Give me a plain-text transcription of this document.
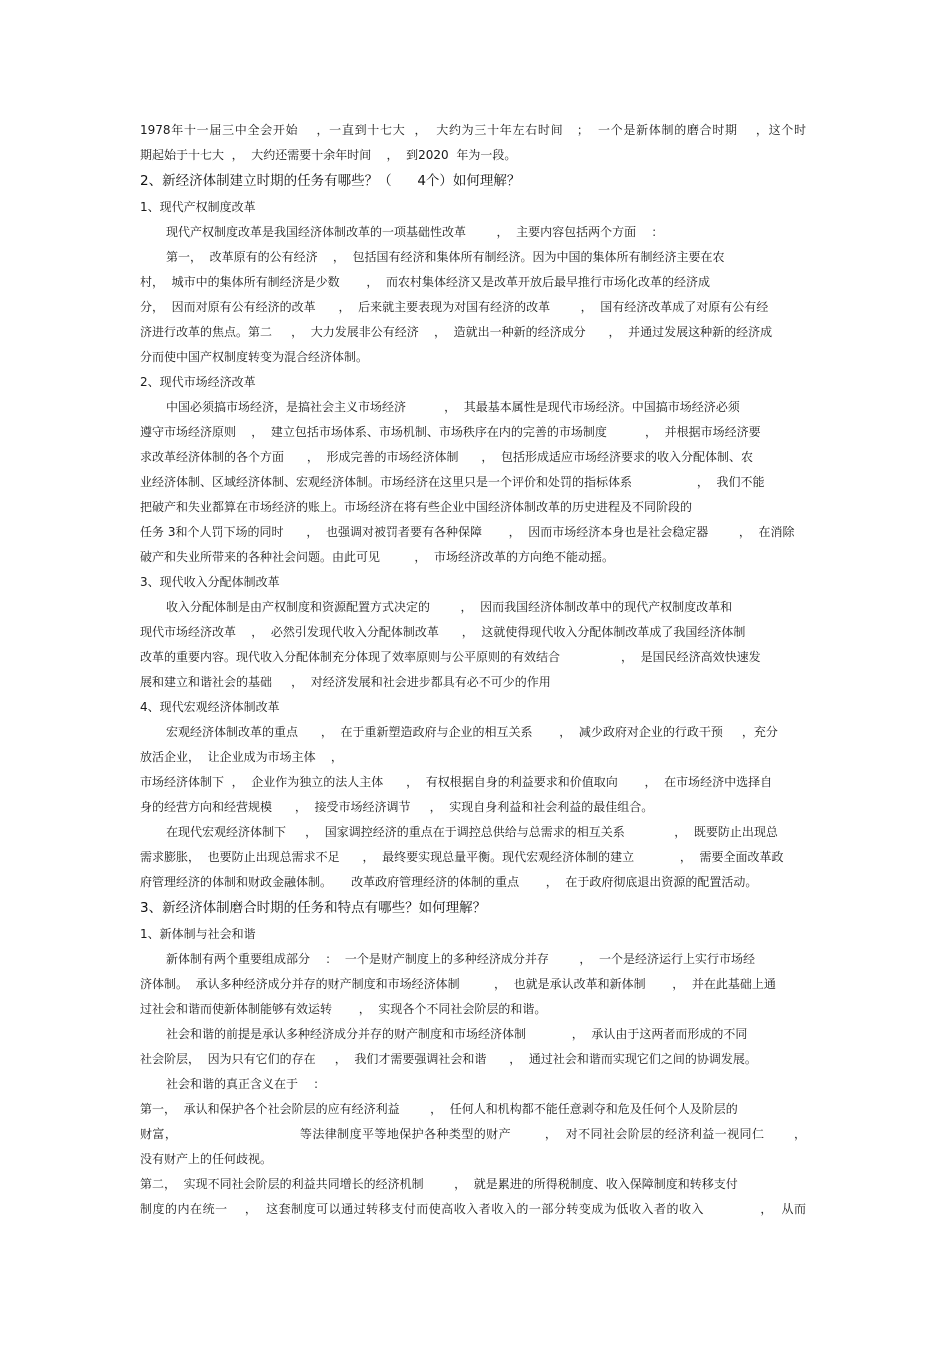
1978年十一届三中全会开始    ，一直到十七大  ，  大约为三十年左右时间   ；  一个是新体制的磨合时期    ，这个时
期起始于十七大  ，  大约还需要十余年时间    ，  到2020  年为一段。
2、新经济体制建立时期的任务有哪些？（      4个）如何理解？
1、现代产权制度改革
现代产权制度改革是我国经济体制改革的一项基础性改革        ，  主要内容包括两个方面    ：
第一，  改革原有的公有经济    ，  包括国有经济和集体所有制经济。因为中国的集体所有制经济主要在农
村，  城市中的集体所有制经济是少数       ，  而农村集体经济又是改革开放后最早推行市场化改革的经济成
分，  因而对原有公有经济的改革      ，  后来就主要表现为对国有经济的改革        ，  国有经济改革成了对原有公有经
济进行改革的焦点。第二     ，  大力发展非公有经济    ，  造就出一种新的经济成分      ，  并通过发展这种新的经济成
分而使中国产权制度转变为混合经济体制。
2、现代市场经济改革
中国必须搞市场经济，是搞社会主义市场经济          ，  其最基本属性是现代市场经济。中国搞市场经济必须
遵守市场经济原则    ，  建立包括市场体系、市场机制、市场秩序在内的完善的市场制度          ，  并根据市场经济要
求改革经济体制的各个方面      ，  形成完善的市场经济体制      ，  包括形成适应市场经济要求的收入分配体制、农
业经济体制、区域经济体制、宏观经济体制。市场经济在这里只是一个评价和处罚的指标体系                 ，  我们不能
把破产和失业都算在市场经济的账上。市场经济在将有些企业中国经济体制改革的历史进程及不同阶段的
任务 3和个人罚下场的同时      ，  也强调对被罚者要有各种保障       ，  因而市场经济本身也是社会稳定器        ，  在消除
破产和失业所带来的各种社会问题。由此可见         ，  市场经济改革的方向绝不能动摇。
3、现代收入分配体制改革
收入分配体制是由产权制度和资源配置方式决定的        ，  因而我国经济体制改革中的现代产权制度改革和
现代市场经济改革    ，  必然引发现代收入分配体制改革      ，  这就使得现代收入分配体制改革成了我国经济体制
改革的重要内容。现代收入分配体制充分体现了效率原则与公平原则的有效结合                ，  是国民经济高效快速发
展和建立和谐社会的基础     ，  对经济发展和社会进步都具有必不可少的作用
4、现代宏观经济体制改革
宏观经济体制改革的重点      ，  在于重新塑造政府与企业的相互关系       ，  减少政府对企业的行政干预     ，充分
放活企业，  让企业成为市场主体    ，
市场经济体制下  ，  企业作为独立的法人主体      ，  有权根据自身的利益要求和价值取向       ，  在市场经济中选择自
身的经营方向和经营规模      ，  接受市场经济调节     ，  实现自身利益和社会利益的最佳组合。
在现代宏观经济体制下     ，  国家调控经济的重点在于调控总供给与总需求的相互关系             ，  既要防止出现总
需求膨胀，  也要防止出现总需求不足      ，  最终要实现总量平衡。现代宏观经济体制的建立            ，  需要全面改革政
府管理经济的体制和财政金融体制。     改革政府管理经济的体制的重点       ，  在于政府彻底退出资源的配置活动。
3、新经济体制磨合时期的任务和特点有哪些？如何理解？
1、新体制与社会和谐
新体制有两个重要组成部分    ：  一个是财产制度上的多种经济成分并存        ，  一个是经济运行上实行市场经
济体制。  承认多种经济成分并存的财产制度和市场经济体制         ，  也就是承认改革和新体制       ，  并在此基础上通
过社会和谐而使新体制能够有效运转       ，  实现各个不同社会阶层的和谐。
社会和谐的前提是承认多种经济成分并存的财产制度和市场经济体制            ，  承认由于这两者而形成的不同
社会阶层，  因为只有它们的存在     ，  我们才需要强调社会和谐      ，  通过社会和谐而实现它们之间的协调发展。
社会和谐的真正含义在于    ：
第一，  承认和保护各个社会阶层的应有经济利益        ，  任何人和机构都不能任意剥夺和危及任何个人及阶层的
财富，                             等法律制度平等地保护各种类型的财产        ，  对不同社会阶层的经济利益一视同仁       ，
没有财产上的任何歧视。
第二，  实现不同社会阶层的利益共同增长的经济机制        ，  就是累进的所得税制度、收入保障制度和转移支付
制度的内在统一    ，  这套制度可以通过转移支付而使高收入者收入的一部分转变成为低收入者的收入             ，  从而
